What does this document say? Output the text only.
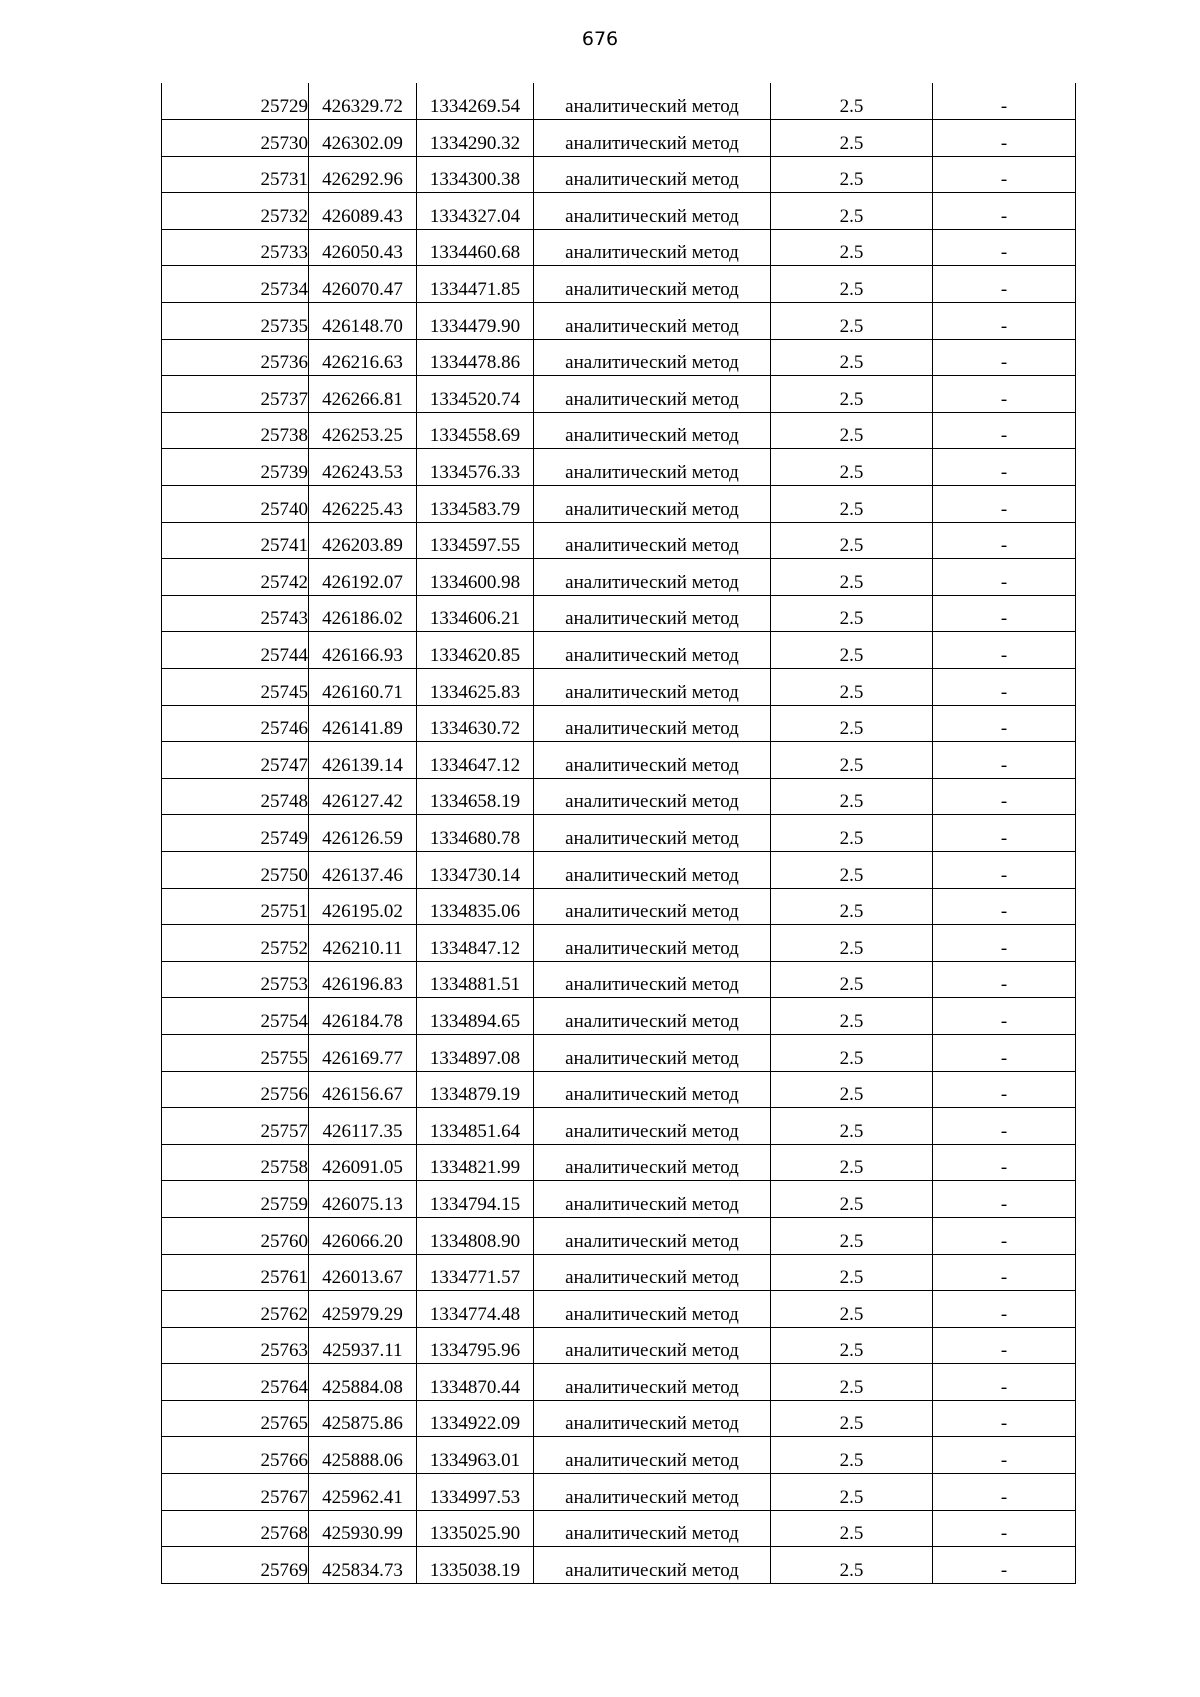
676
25729	426329.72	1334269.54	аналитический метод	2.5	-
25730	426302.09	1334290.32	аналитический метод	2.5	-
25731	426292.96	1334300.38	аналитический метод	2.5	-
25732	426089.43	1334327.04	аналитический метод	2.5	-
25733	426050.43	1334460.68	аналитический метод	2.5	-
25734	426070.47	1334471.85	аналитический метод	2.5	-
25735	426148.70	1334479.90	аналитический метод	2.5	-
25736	426216.63	1334478.86	аналитический метод	2.5	-
25737	426266.81	1334520.74	аналитический метод	2.5	-
25738	426253.25	1334558.69	аналитический метод	2.5	-
25739	426243.53	1334576.33	аналитический метод	2.5	-
25740	426225.43	1334583.79	аналитический метод	2.5	-
25741	426203.89	1334597.55	аналитический метод	2.5	-
25742	426192.07	1334600.98	аналитический метод	2.5	-
25743	426186.02	1334606.21	аналитический метод	2.5	-
25744	426166.93	1334620.85	аналитический метод	2.5	-
25745	426160.71	1334625.83	аналитический метод	2.5	-
25746	426141.89	1334630.72	аналитический метод	2.5	-
25747	426139.14	1334647.12	аналитический метод	2.5	-
25748	426127.42	1334658.19	аналитический метод	2.5	-
25749	426126.59	1334680.78	аналитический метод	2.5	-
25750	426137.46	1334730.14	аналитический метод	2.5	-
25751	426195.02	1334835.06	аналитический метод	2.5	-
25752	426210.11	1334847.12	аналитический метод	2.5	-
25753	426196.83	1334881.51	аналитический метод	2.5	-
25754	426184.78	1334894.65	аналитический метод	2.5	-
25755	426169.77	1334897.08	аналитический метод	2.5	-
25756	426156.67	1334879.19	аналитический метод	2.5	-
25757	426117.35	1334851.64	аналитический метод	2.5	-
25758	426091.05	1334821.99	аналитический метод	2.5	-
25759	426075.13	1334794.15	аналитический метод	2.5	-
25760	426066.20	1334808.90	аналитический метод	2.5	-
25761	426013.67	1334771.57	аналитический метод	2.5	-
25762	425979.29	1334774.48	аналитический метод	2.5	-
25763	425937.11	1334795.96	аналитический метод	2.5	-
25764	425884.08	1334870.44	аналитический метод	2.5	-
25765	425875.86	1334922.09	аналитический метод	2.5	-
25766	425888.06	1334963.01	аналитический метод	2.5	-
25767	425962.41	1334997.53	аналитический метод	2.5	-
25768	425930.99	1335025.90	аналитический метод	2.5	-
25769	425834.73	1335038.19	аналитический метод	2.5	-
